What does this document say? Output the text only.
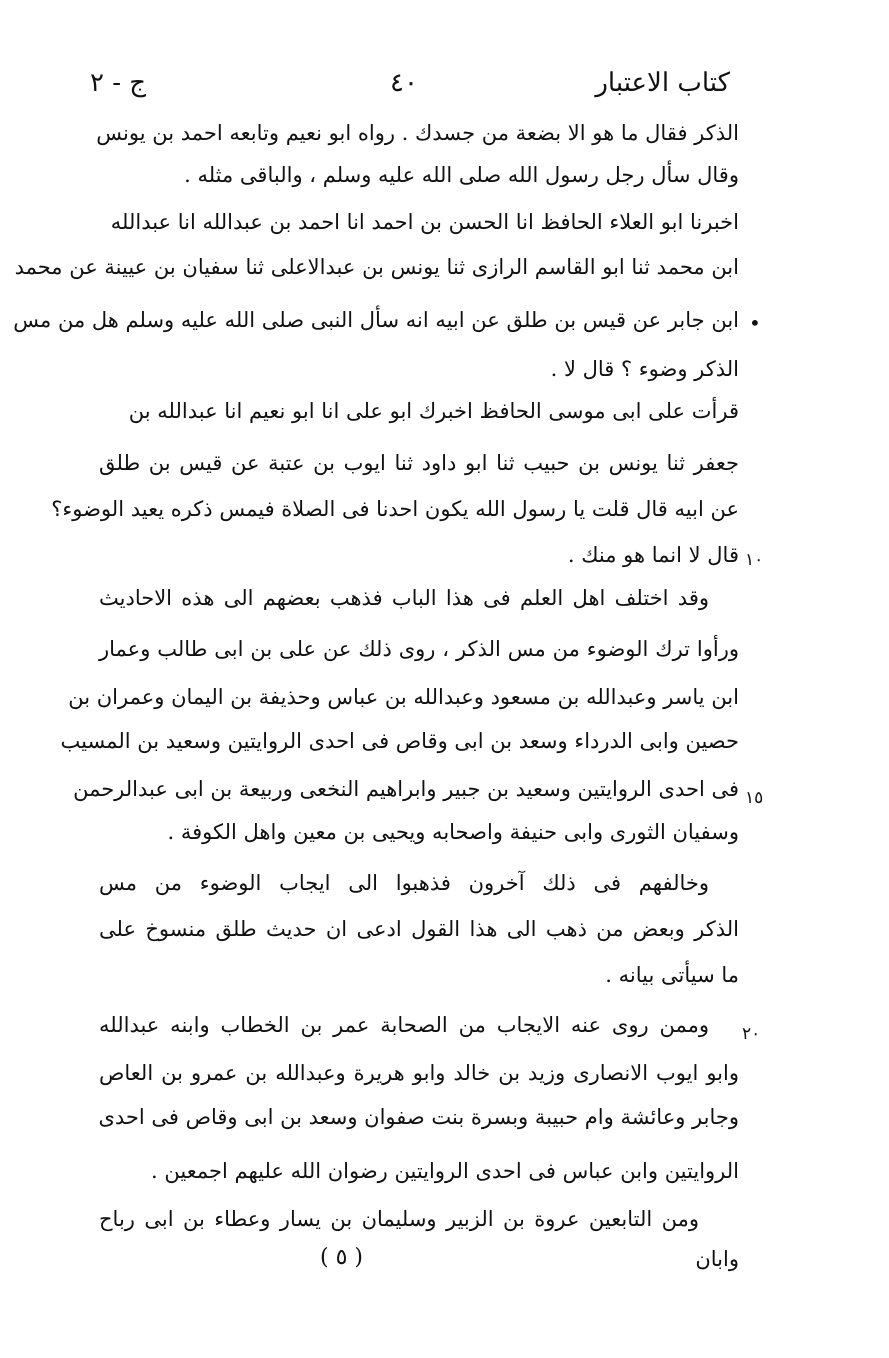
كتاب الاعتبار
٤٠
ج - ٢
الذكر فقال ما هو الا بضعة من جسدك . رواه ابو نعيم وتابعه احمد بن يونس
وقال سأل رجل رسول الله صلى الله عليه وسلم ، والباقى مثله .
اخبرنا ابو العلاء الحافظ انا الحسن بن احمد انا احمد بن عبدالله انا عبدالله
ابن محمد ثنا ابو القاسم الرازى ثنا يونس بن عبدالاعلى ثنا سفيان بن عيينة عن محمد
ابن جابر عن قيس بن طلق عن ابيه انه سأل النبى صلى الله عليه وسلم هل من مس
الذكر وضوء ؟ قال لا .
قرأت على ابى موسى الحافظ اخبرك ابو على انا ابو نعيم انا عبدالله بن
جعفر ثنا يونس بن حبيب ثنا ابو داود ثنا ايوب بن عتبة عن قيس بن طلق
عن ابيه قال قلت يا رسول الله يكون احدنا فى الصلاة فيمس ذكره يعيد الوضوء؟
قال لا انما هو منك .
وقد اختلف اهل العلم فى هذا الباب فذهب بعضهم الى هذه الاحاديث
ورأوا ترك الوضوء من مس الذكر ، روى ذلك عن على بن ابى طالب وعمار
ابن ياسر وعبدالله بن مسعود وعبدالله بن عباس وحذيفة بن اليمان وعمران بن
حصين وابى الدرداء وسعد بن ابى وقاص فى احدى الروايتين وسعيد بن المسيب
فى احدى الروايتين وسعيد بن جبير وابراهيم النخعى وربيعة بن ابى عبدالرحمن
وسفيان الثورى وابى حنيفة واصحابه ويحيى بن معين واهل الكوفة .
وخالفهم فى ذلك آخرون فذهبوا الى ايجاب الوضوء من مس
الذكر وبعض من ذهب الى هذا القول ادعى ان حديث طلق منسوخ على
ما سيأتى بيانه .
وممن روى عنه الايجاب من الصحابة عمر بن الخطاب وابنه عبدالله
وابو ايوب الانصارى وزيد بن خالد وابو هريرة وعبدالله بن عمرو بن العاص
وجابر وعائشة وام حبيبة وبسرة بنت صفوان وسعد بن ابى وقاص فى احدى
الروايتين وابن عباس فى احدى الروايتين رضوان الله عليهم اجمعين .
ومن التابعين عروة بن الزبير وسليمان بن يسار وعطاء بن ابى رباح
وابان
•
١٠
١٥
٢٠
( ٥ )
